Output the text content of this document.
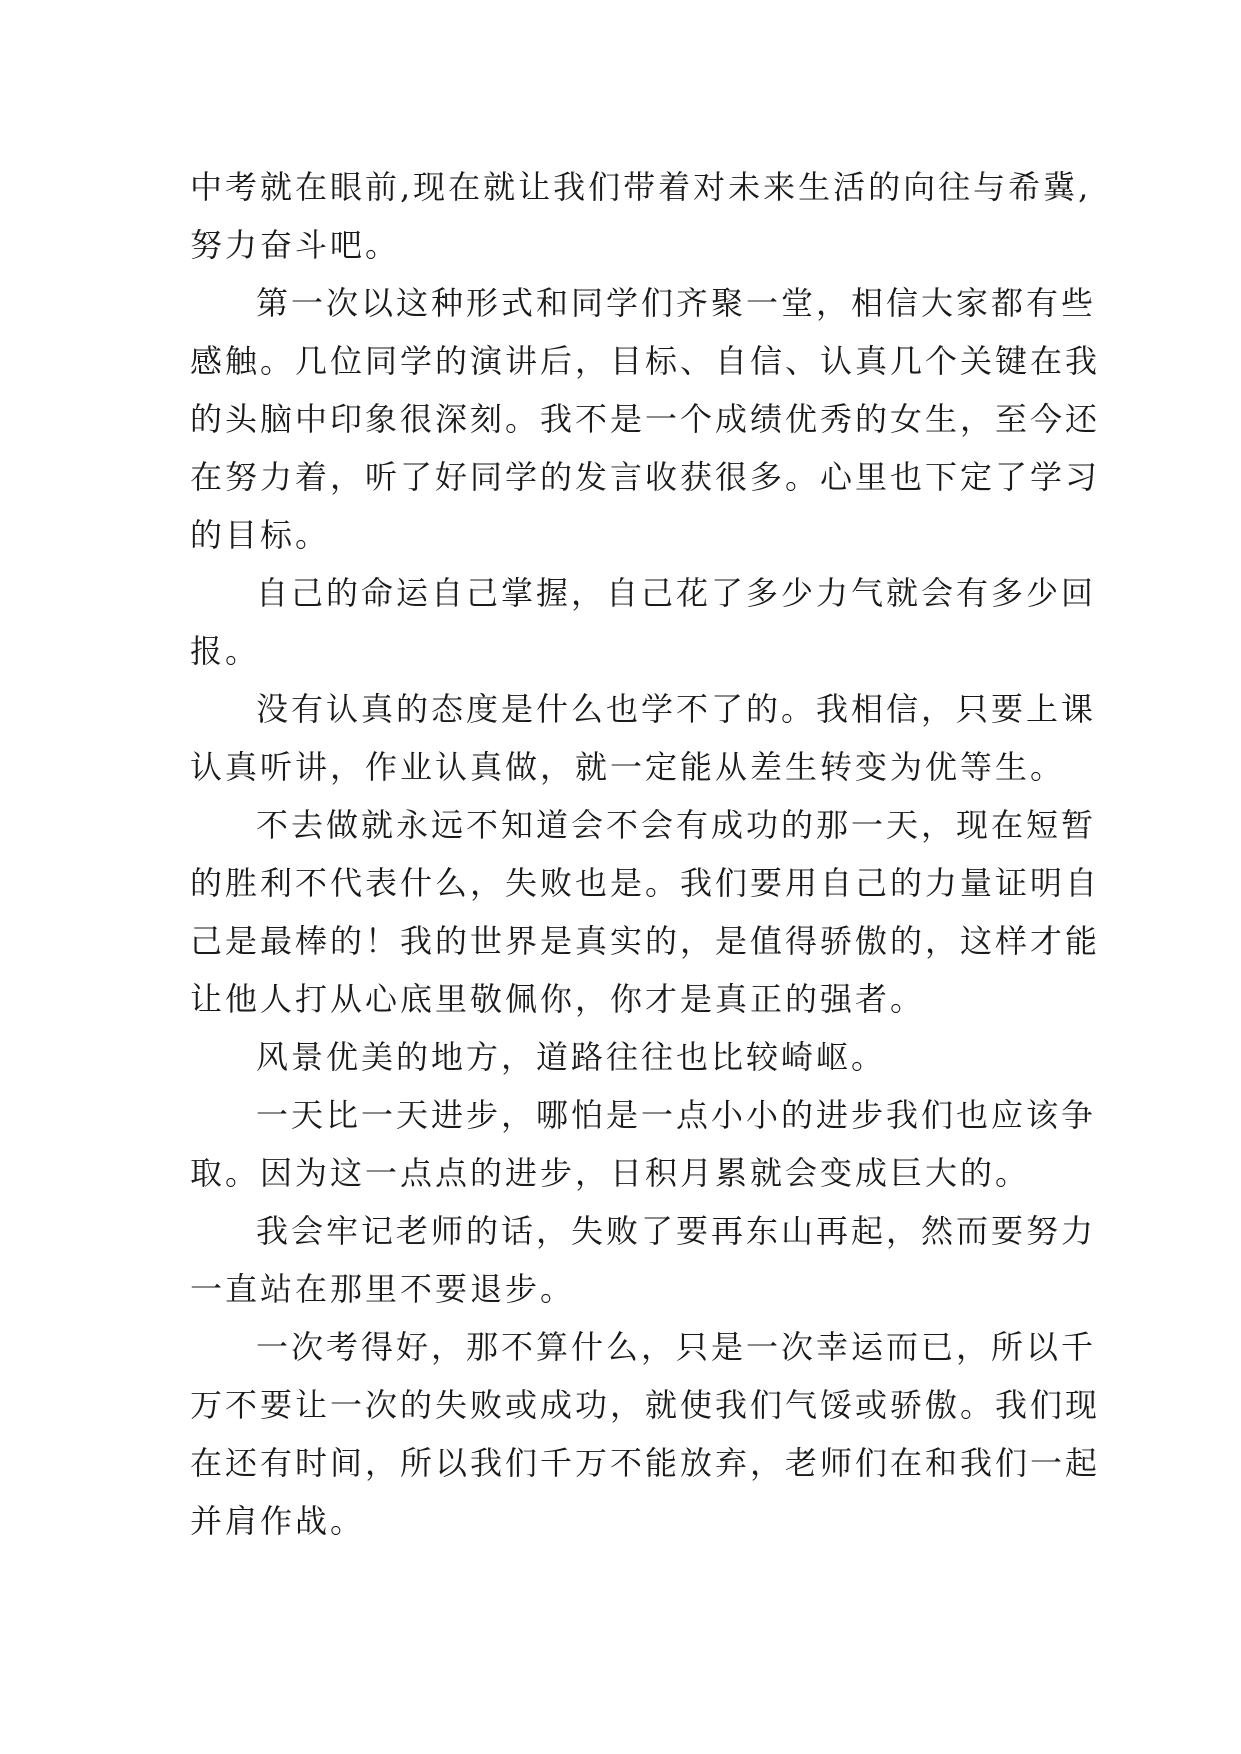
中考就在眼前,现在就让我们带着对未来生活的向往与希冀,
努力奋斗吧。

第一次以这种形式和同学们齐聚一堂，相信大家都有些
感触。几位同学的演讲后，目标、自信、认真几个关键在我
的头脑中印象很深刻。我不是一个成绩优秀的女生，至今还
在努力着，听了好同学的发言收获很多。心里也下定了学习
的目标。

自己的命运自己掌握，自己花了多少力气就会有多少回
报。

没有认真的态度是什么也学不了的。我相信，只要上课
认真听讲，作业认真做，就一定能从差生转变为优等生。

不去做就永远不知道会不会有成功的那一天，现在短暂
的胜利不代表什么，失败也是。我们要用自己的力量证明自
己是最棒的！我的世界是真实的，是值得骄傲的，这样才能
让他人打从心底里敬佩你，你才是真正的强者。

风景优美的地方，道路往往也比较崎岖。

一天比一天进步，哪怕是一点小小的进步我们也应该争
取。因为这一点点的进步，日积月累就会变成巨大的。

我会牢记老师的话，失败了要再东山再起，然而要努力
一直站在那里不要退步。

一次考得好，那不算什么，只是一次幸运而已，所以千
万不要让一次的失败或成功，就使我们气馁或骄傲。我们现
在还有时间，所以我们千万不能放弃，老师们在和我们一起
并肩作战。
